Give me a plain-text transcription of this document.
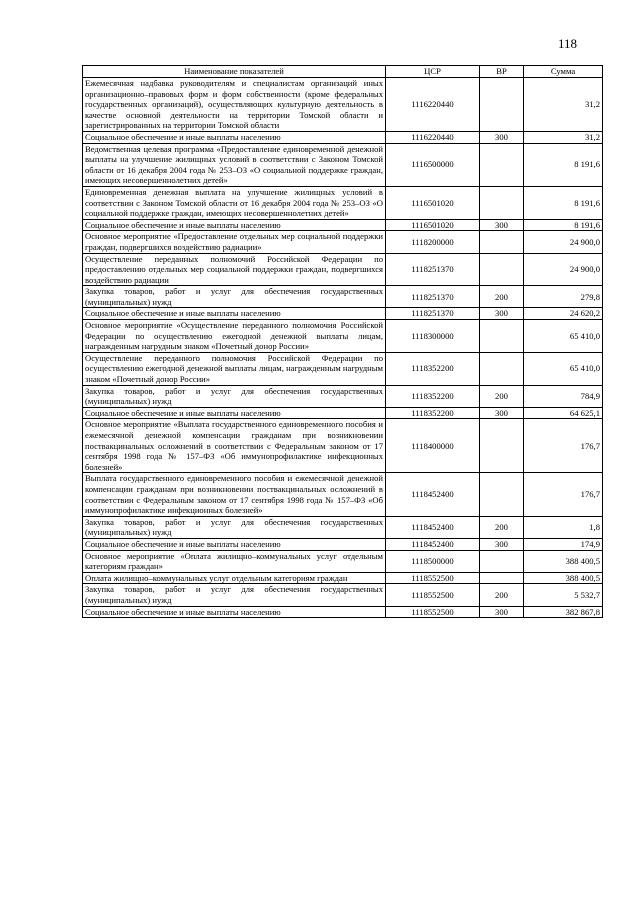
118
Наименование показателей	ЦСР	ВР	Сумма
Ежемесячная надбавка руководителям и специалистам организаций иных организационно–правовых форм и форм собственности (кроме федеральных государственных организаций), осуществляющих культурную деятельность в качестве основной деятельности на территории Томской области и зарегистрированных на территории Томской области	1116220440		31,2
Социальное обеспечение и иные выплаты населению	1116220440	300	31,2
Ведомственная целевая программа «Предоставление единовременной денежной выплаты на улучшение жилищных условий в соответствии с Законом Томской области от 16 декабря 2004 года № 253–ОЗ «О социальной поддержке граждан, имеющих несовершеннолетних детей»	1116500000		8 191,6
Единовременная денежная выплата на улучшение жилищных условий в соответствии с Законом Томской области от 16 декабря 2004 года № 253–ОЗ «О социальной поддержке граждан, имеющих несовершеннолетних детей»	1116501020		8 191,6
Социальное обеспечение и иные выплаты населению	1116501020	300	8 191,6
Основное мероприятие «Предоставление отдельных мер социальной поддержки граждан, подвергшихся воздействию радиации»	1118200000		24 900,0
Осуществление переданных полномочий Российской Федерации по предоставлению отдельных мер социальной поддержки граждан, подвергшихся воздействию радиации	1118251370		24 900,0
Закупка товаров, работ и услуг для обеспечения государственных (муниципальных) нужд	1118251370	200	279,8
Социальное обеспечение и иные выплаты населению	1118251370	300	24 620,2
Основное мероприятие «Осуществление переданного полномочия Российской Федерации по осуществлению ежегодной денежной выплаты лицам, награжденным нагрудным знаком «Почетный донор России»	1118300000		65 410,0
Осуществление переданного полномочия Российской Федерации по осуществлению ежегодной денежной выплаты лицам, награжденным нагрудным знаком «Почетный донор России»	1118352200		65 410,0
Закупка товаров, работ и услуг для обеспечения государственных (муниципальных) нужд	1118352200	200	784,9
Социальное обеспечение и иные выплаты населению	1118352200	300	64 625,1
Основное мероприятие «Выплата государственного единовременного пособия и ежемесячной денежной компенсации гражданам при возникновении поствакцинальных осложнений в соответствии с Федеральным законом от 17 сентября 1998 года № 157–ФЗ «Об иммунопрофилактике инфекционных болезней»	1118400000		176,7
Выплата государственного единовременного пособия и ежемесячной денежной компенсации гражданам при возникновении поствакцинальных осложнений в соответствии с Федеральным законом от 17 сентября 1998 года № 157–ФЗ «Об иммунопрофилактике инфекционных болезней»	1118452400		176,7
Закупка товаров, работ и услуг для обеспечения государственных (муниципальных) нужд	1118452400	200	1,8
Социальное обеспечение и иные выплаты населению	1118452400	300	174,9
Основное мероприятие «Оплата жилищно–коммунальных услуг отдельным категориям граждан»	1118500000		388 400,5
Оплата жилищно–коммунальных услуг отдельным категориям граждан	1118552500		388 400,5
Закупка товаров, работ и услуг для обеспечения государственных (муниципальных) нужд	1118552500	200	5 532,7
Социальное обеспечение и иные выплаты населению	1118552500	300	382 867,8
